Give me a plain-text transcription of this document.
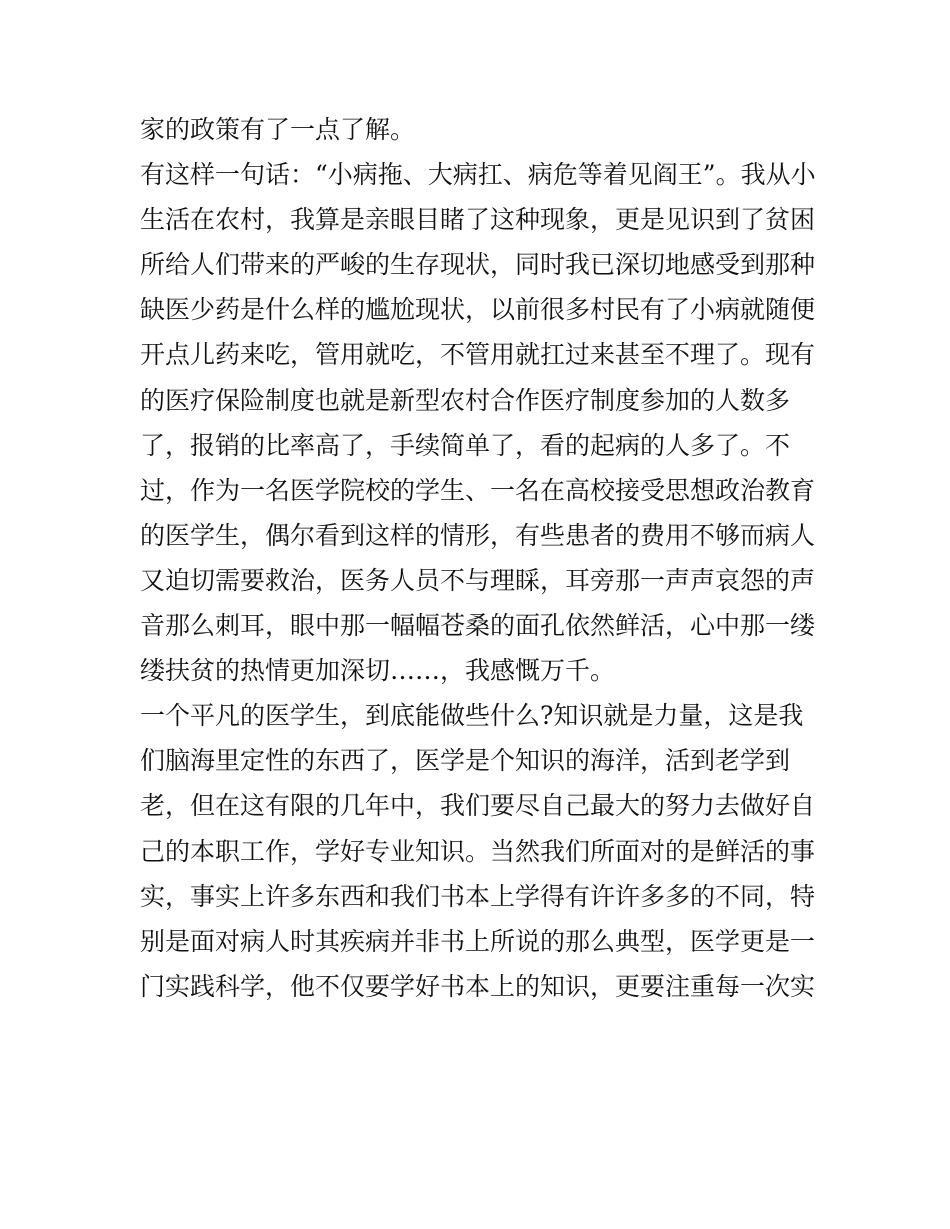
家的政策有了一点了解。
有这样一句话：“小病拖、大病扛、病危等着见阎王”。我从小
生活在农村，我算是亲眼目睹了这种现象，更是见识到了贫困
所给人们带来的严峻的生存现状，同时我已深切地感受到那种
缺医少药是什么样的尴尬现状，以前很多村民有了小病就随便
开点儿药来吃，管用就吃，不管用就扛过来甚至不理了。现有
的医疗保险制度也就是新型农村合作医疗制度参加的人数多
了，报销的比率高了，手续简单了，看的起病的人多了。不
过，作为一名医学院校的学生、一名在高校接受思想政治教育
的医学生，偶尔看到这样的情形，有些患者的费用不够而病人
又迫切需要救治，医务人员不与理睬，耳旁那一声声哀怨的声
音那么刺耳，眼中那一幅幅苍桑的面孔依然鲜活，心中那一缕
缕扶贫的热情更加深切……，我感慨万千。
一个平凡的医学生，到底能做些什么?知识就是力量，这是我
们脑海里定性的东西了，医学是个知识的海洋，活到老学到
老，但在这有限的几年中，我们要尽自己最大的努力去做好自
己的本职工作，学好专业知识。当然我们所面对的是鲜活的事
实，事实上许多东西和我们书本上学得有许许多多的不同，特
别是面对病人时其疾病并非书上所说的那么典型，医学更是一
门实践科学，他不仅要学好书本上的知识，更要注重每一次实
